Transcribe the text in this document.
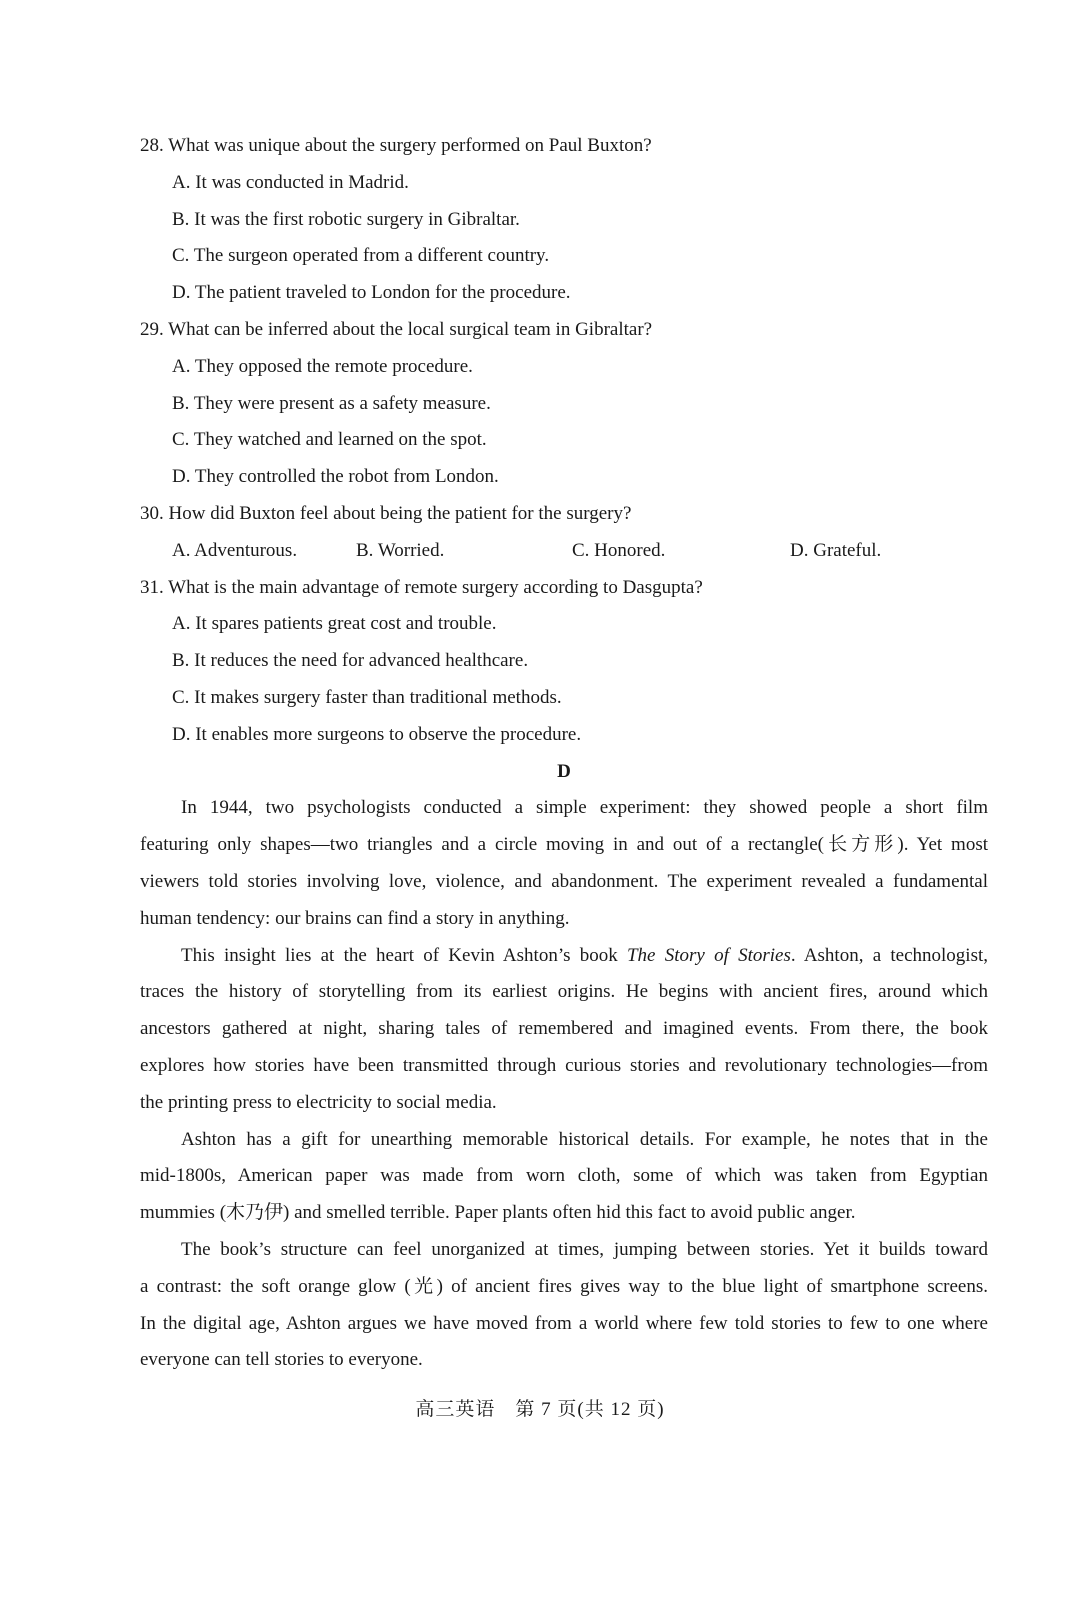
28. What was unique about the surgery performed on Paul Buxton?
A. It was conducted in Madrid.
B. It was the first robotic surgery in Gibraltar.
C. The surgeon operated from a different country.
D. The patient traveled to London for the procedure.
29. What can be inferred about the local surgical team in Gibraltar?
A. They opposed the remote procedure.
B. They were present as a safety measure.
C. They watched and learned on the spot.
D. They controlled the robot from London.
30. How did Buxton feel about being the patient for the surgery?
A. Adventurous.	B. Worried.	C. Honored.	D. Grateful.
31. What is the main advantage of remote surgery according to Dasgupta?
A. It spares patients great cost and trouble.
B. It reduces the need for advanced healthcare.
C. It makes surgery faster than traditional methods.
D. It enables more surgeons to observe the procedure.
D
In 1944, two psychologists conducted a simple experiment: they showed people a short film
featuring only shapes—two triangles and a circle moving in and out of a rectangle(长方形). Yet most
viewers told stories involving love, violence, and abandonment. The experiment revealed a fundamental
human tendency: our brains can find a story in anything.
This insight lies at the heart of Kevin Ashton’s book The Story of Stories. Ashton, a technologist,
traces the history of storytelling from its earliest origins. He begins with ancient fires, around which
ancestors gathered at night, sharing tales of remembered and imagined events. From there, the book
explores how stories have been transmitted through curious stories and revolutionary technologies—from
the printing press to electricity to social media.
Ashton has a gift for unearthing memorable historical details. For example, he notes that in the
mid-1800s, American paper was made from worn cloth, some of which was taken from Egyptian
mummies (木乃伊) and smelled terrible. Paper plants often hid this fact to avoid public anger.
The book’s structure can feel unorganized at times, jumping between stories. Yet it builds toward
a contrast: the soft orange glow (光) of ancient fires gives way to the blue light of smartphone screens.
In the digital age, Ashton argues we have moved from a world where few told stories to few to one where
everyone can tell stories to everyone.
高三英语　第 7 页(共 12 页)
